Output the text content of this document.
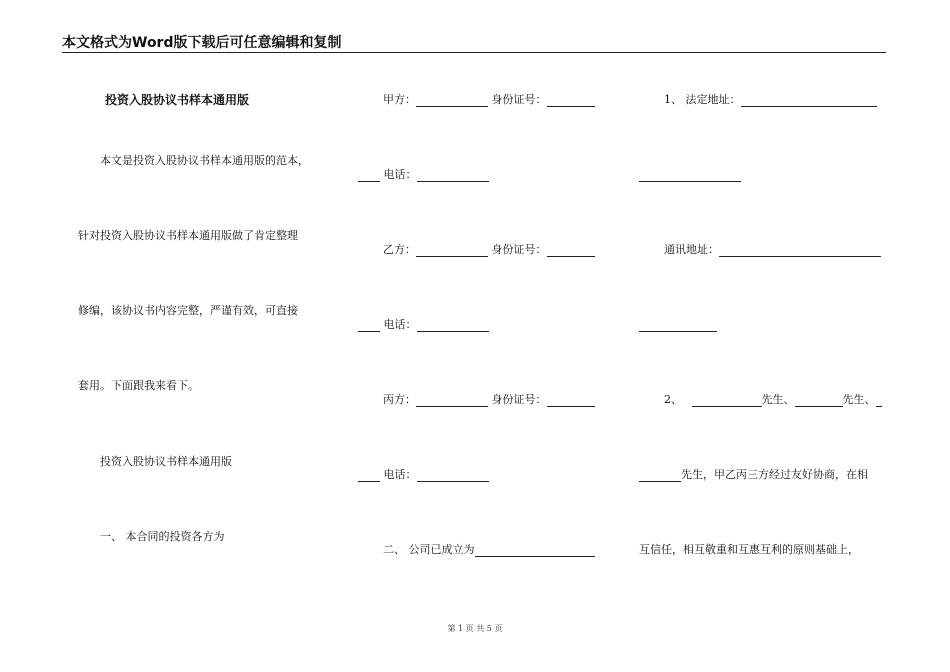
本文格式为Word版下载后可任意编辑和复制
投资入股协议书样本通用版
本文是投资入股协议书样本通用版的范本，
针对投资入股协议书样本通用版做了肯定整理
修编，该协议书内容完整，严谨有效，可直接
套用。下面跟我来看下。
投资入股协议书样本通用版
一、 本合同的投资各方为
甲方：	身份证号：
电话：
乙方：	身份证号：
电话：
丙方：	身份证号：
电话：
二、 公司已成立为
1、 法定地址：
通讯地址：
2、	先生、	先生、
先生，甲乙丙三方经过友好协商，在相
互信任，相互敬重和互惠互利的原则基础上，
第 1 页 共 5 页
